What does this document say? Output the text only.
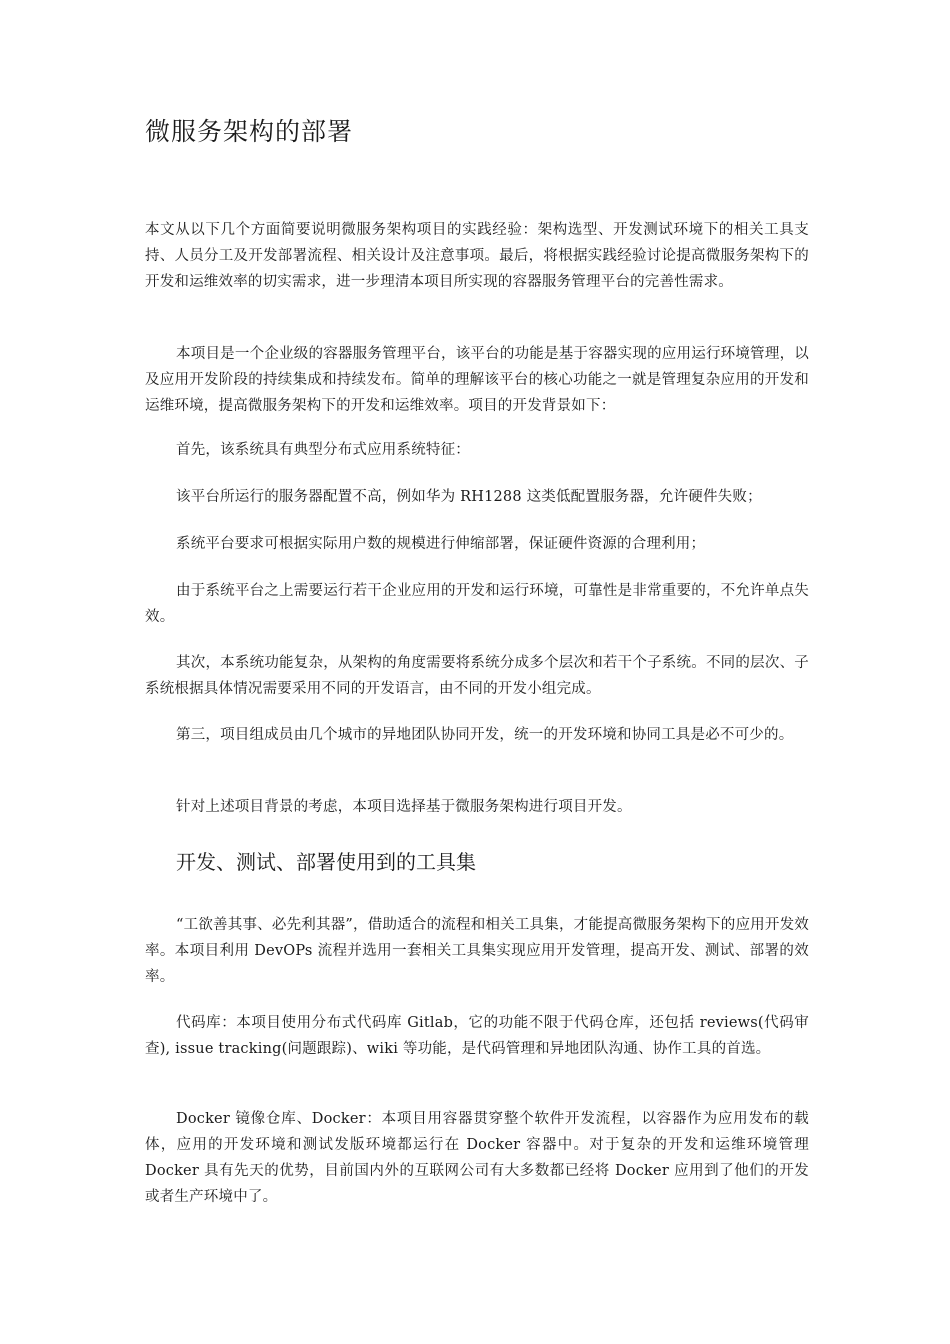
微服务架构的部署

本文从以下几个方面简要说明微服务架构项目的实践经验：架构选型、开发测试环境下的相关工具支持、人员分工及开发部署流程、相关设计及注意事项。最后，将根据实践经验讨论提高微服务架构下的开发和运维效率的切实需求，进一步理清本项目所实现的容器服务管理平台的完善性需求。

本项目是一个企业级的容器服务管理平台，该平台的功能是基于容器实现的应用运行环境管理，以及应用开发阶段的持续集成和持续发布。简单的理解该平台的核心功能之一就是管理复杂应用的开发和运维环境，提高微服务架构下的开发和运维效率。项目的开发背景如下：

首先，该系统具有典型分布式应用系统特征：

该平台所运行的服务器配置不高，例如华为 RH1288 这类低配置服务器，允许硬件失败；

系统平台要求可根据实际用户数的规模进行伸缩部署，保证硬件资源的合理利用；

由于系统平台之上需要运行若干企业应用的开发和运行环境，可靠性是非常重要的，不允许单点失效。

其次，本系统功能复杂，从架构的角度需要将系统分成多个层次和若干个子系统。不同的层次、子系统根据具体情况需要采用不同的开发语言，由不同的开发小组完成。

第三，项目组成员由几个城市的异地团队协同开发，统一的开发环境和协同工具是必不可少的。

针对上述项目背景的考虑，本项目选择基于微服务架构进行项目开发。

开发、测试、部署使用到的工具集

“工欲善其事、必先利其器”，借助适合的流程和相关工具集，才能提高微服务架构下的应用开发效率。本项目利用 DevOPs 流程并选用一套相关工具集实现应用开发管理，提高开发、测试、部署的效率。

代码库：本项目使用分布式代码库 Gitlab，它的功能不限于代码仓库，还包括 reviews(代码审查), issue tracking(问题跟踪)、wiki 等功能，是代码管理和异地团队沟通、协作工具的首选。

Docker 镜像仓库、Docker：本项目用容器贯穿整个软件开发流程，以容器作为应用发布的载体，应用的开发环境和测试发版环境都运行在 Docker 容器中。对于复杂的开发和运维环境管理 Docker 具有先天的优势，目前国内外的互联网公司有大多数都已经将 Docker 应用到了他们的开发或者生产环境中了。
